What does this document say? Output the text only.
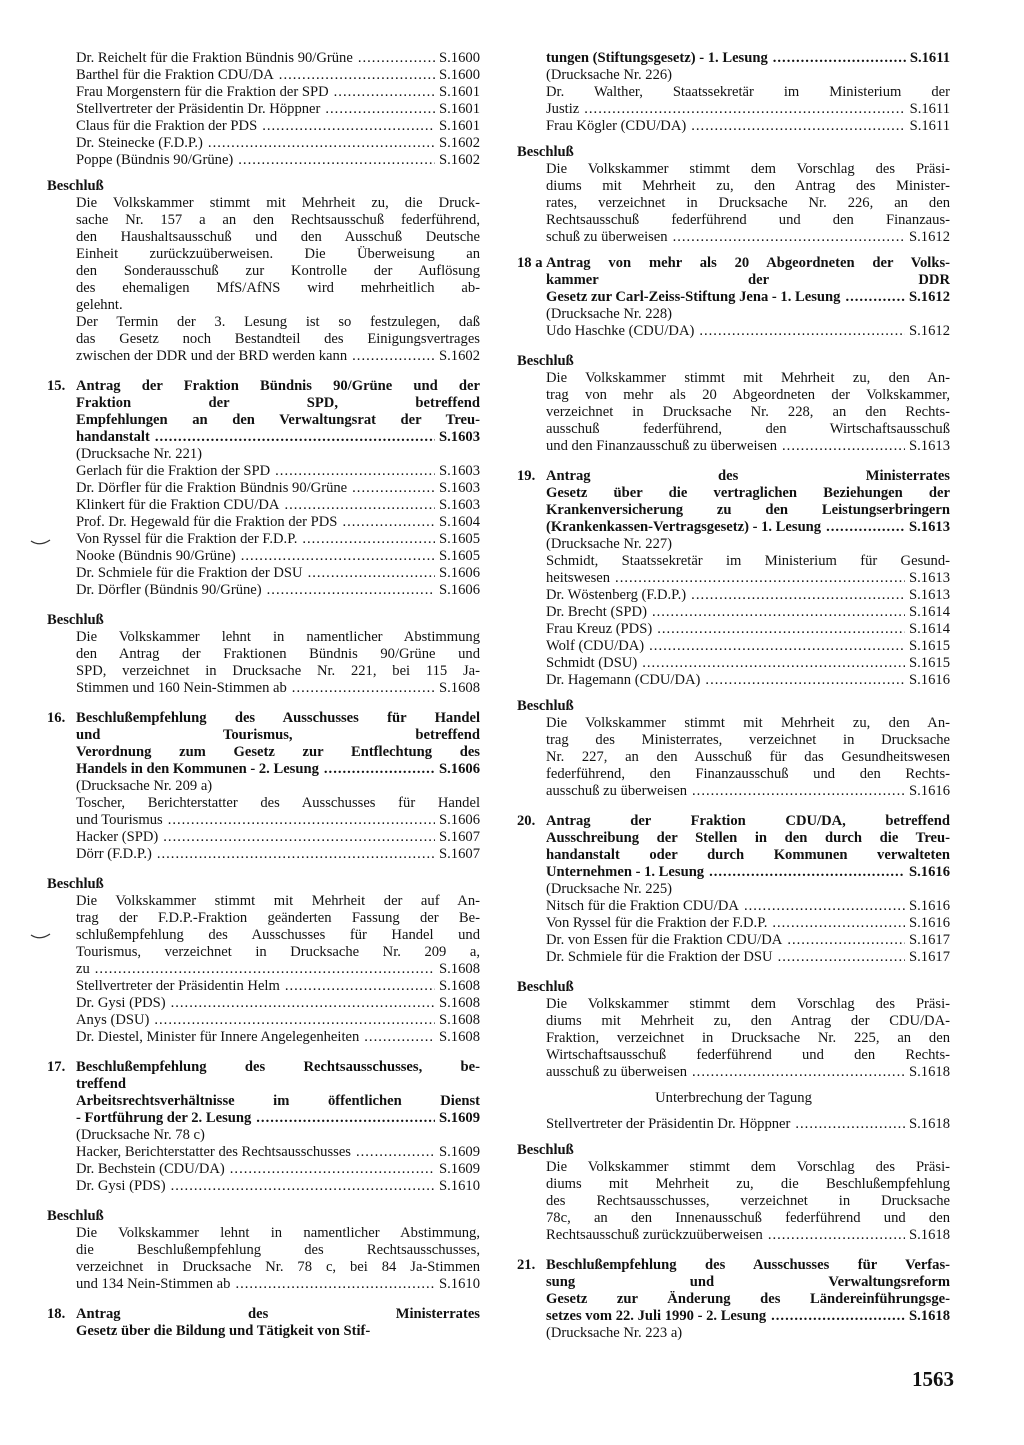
Dr. Reichelt für die Fraktion Bündnis 90/Grüne .....	S.1600
Barthel für die Fraktion CDU/DA .....	S.1600
Frau Morgenstern für die Fraktion der SPD .....	S.1601
Stellvertreter der Präsidentin Dr. Höppner .....	S.1601
Claus für die Fraktion der PDS .....	S.1601
Dr. Steinecke (F.D.P.) .....	S.1602
Poppe (Bündnis 90/Grüne) .....	S.1602
Beschluß
Die Volkskammer stimmt mit Mehrheit zu, die Druck-
sache Nr. 157 a an den Rechtsausschuß federführend,
den Haushaltsausschuß und den Ausschuß Deutsche
Einheit zurückzuüberweisen. Die Überweisung an
den Sonderausschuß zur Kontrolle der Auflösung
des ehemaligen MfS/AfNS wird mehrheitlich ab-
gelehnt.
Der Termin der 3. Lesung ist so festzulegen, daß
das Gesetz noch Bestandteil des Einigungsvertrages
zwischen der DDR und der BRD werden kann .....	S.1602
15. Antrag der Fraktion Bündnis 90/Grüne und der
Fraktion der SPD, betreffend
Empfehlungen an den Verwaltungsrat der Treu-
handanstalt .....	S.1603
(Drucksache Nr. 221)
Gerlach für die Fraktion der SPD .....	S.1603
Dr. Dörfler für die Fraktion Bündnis 90/Grüne .....	S.1603
Klinkert für die Fraktion CDU/DA .....	S.1603
Prof. Dr. Hegewald für die Fraktion der PDS .....	S.1604
Von Ryssel für die Fraktion der F.D.P. .....	S.1605
Nooke (Bündnis 90/Grüne) .....	S.1605
Dr. Schmiele für die Fraktion der DSU .....	S.1606
Dr. Dörfler (Bündnis 90/Grüne) .....	S.1606
Beschluß
Die Volkskammer lehnt in namentlicher Abstimmung
den Antrag der Fraktionen Bündnis 90/Grüne und
SPD, verzeichnet in Drucksache Nr. 221, bei 115 Ja-
Stimmen und 160 Nein-Stimmen ab .....	S.1608
16. Beschlußempfehlung des Ausschusses für Handel
und Tourismus, betreffend
Verordnung zum Gesetz zur Entflechtung des
Handels in den Kommunen - 2. Lesung .....	S.1606
(Drucksache Nr. 209 a)
Toscher, Berichterstatter des Ausschusses für Handel
und Tourismus .....	S.1606
Hacker (SPD) .....	S.1607
Dörr (F.D.P.) .....	S.1607
Beschluß
Die Volkskammer stimmt mit Mehrheit der auf An-
trag der F.D.P.-Fraktion geänderten Fassung der Be-
schlußempfehlung des Ausschusses für Handel und
Tourismus, verzeichnet in Drucksache Nr. 209 a,
zu .....	S.1608
Stellvertreter der Präsidentin Helm .....	S.1608
Dr. Gysi (PDS) .....	S.1608
Anys (DSU) .....	S.1608
Dr. Diestel, Minister für Innere Angelegenheiten .....	S.1608
17. Beschlußempfehlung des Rechtsausschusses, be-
treffend
Arbeitsrechtsverhältnisse im öffentlichen Dienst
- Fortführung der 2. Lesung .....	S.1609
(Drucksache Nr. 78 c)
Hacker, Berichterstatter des Rechtsausschusses .....	S.1609
Dr. Bechstein (CDU/DA) .....	S.1609
Dr. Gysi (PDS) .....	S.1610
Beschluß
Die Volkskammer lehnt in namentlicher Abstimmung,
die Beschlußempfehlung des Rechtsausschusses,
verzeichnet in Drucksache Nr. 78 c, bei 84 Ja-Stimmen
und 134 Nein-Stimmen ab .....	S.1610
18. Antrag des Ministerrates
Gesetz über die Bildung und Tätigkeit von Stif-
tungen (Stiftungsgesetz) - 1. Lesung .....	S.1611
(Drucksache Nr. 226)
Dr. Walther, Staatssekretär im Ministerium der
Justiz .....	S.1611
Frau Kögler (CDU/DA) .....	S.1611
Beschluß
Die Volkskammer stimmt dem Vorschlag des Präsi-
diums mit Mehrheit zu, den Antrag des Minister-
rates, verzeichnet in Drucksache Nr. 226, an den
Rechtsausschuß federführend und den Finanzaus-
schuß zu überweisen .....	S.1612
18 a Antrag von mehr als 20 Abgeordneten der Volks-
kammer der DDR
Gesetz zur Carl-Zeiss-Stiftung Jena - 1. Lesung .....	S.1612
(Drucksache Nr. 228)
Udo Haschke (CDU/DA) .....	S.1612
Beschluß
Die Volkskammer stimmt mit Mehrheit zu, den An-
trag von mehr als 20 Abgeordneten der Volkskammer,
verzeichnet in Drucksache Nr. 228, an den Rechts-
ausschuß federführend, den Wirtschaftsausschuß
und den Finanzausschuß zu überweisen .....	S.1613
19. Antrag des Ministerrates
Gesetz über die vertraglichen Beziehungen der
Krankenversicherung zu den Leistungserbringern
(Krankenkassen-Vertragsgesetz) - 1. Lesung .....	S.1613
(Drucksache Nr. 227)
Schmidt, Staatssekretär im Ministerium für Gesund-
heitswesen .....	S.1613
Dr. Wöstenberg (F.D.P.) .....	S.1613
Dr. Brecht (SPD) .....	S.1614
Frau Kreuz (PDS) .....	S.1614
Wolf (CDU/DA) .....	S.1615
Schmidt (DSU) .....	S.1615
Dr. Hagemann (CDU/DA) .....	S.1616
Beschluß
Die Volkskammer stimmt mit Mehrheit zu, den An-
trag des Ministerrates, verzeichnet in Drucksache
Nr. 227, an den Ausschuß für das Gesundheitswesen
federführend, den Finanzausschuß und den Rechts-
ausschuß zu überweisen .....	S.1616
20. Antrag der Fraktion CDU/DA, betreffend
Ausschreibung der Stellen in den durch die Treu-
handanstalt oder durch Kommunen verwalteten
Unternehmen - 1. Lesung .....	S.1616
(Drucksache Nr. 225)
Nitsch für die Fraktion CDU/DA .....	S.1616
Von Ryssel für die Fraktion der F.D.P. .....	S.1616
Dr. von Essen für die Fraktion CDU/DA .....	S.1617
Dr. Schmiele für die Fraktion der DSU .....	S.1617
Beschluß
Die Volkskammer stimmt dem Vorschlag des Präsi-
diums mit Mehrheit zu, den Antrag der CDU/DA-
Fraktion, verzeichnet in Drucksache Nr. 225, an den
Wirtschaftsausschuß federführend und den Rechts-
ausschuß zu überweisen .....	S.1618
Unterbrechung der Tagung
Stellvertreter der Präsidentin Dr. Höppner .....	S.1618
Beschluß
Die Volkskammer stimmt dem Vorschlag des Präsi-
diums mit Mehrheit zu, die Beschlußempfehlung
des Rechtsausschusses, verzeichnet in Drucksache
78c, an den Innenausschuß federführend und den
Rechtsausschuß zurückzuüberweisen .....	S.1618
21. Beschlußempfehlung des Ausschusses für Verfas-
sung und Verwaltungsreform
Gesetz zur Änderung des Ländereinführungsge-
setzes vom 22. Juli 1990 - 2. Lesung .....	S.1618
(Drucksache Nr. 223 a)
1563
